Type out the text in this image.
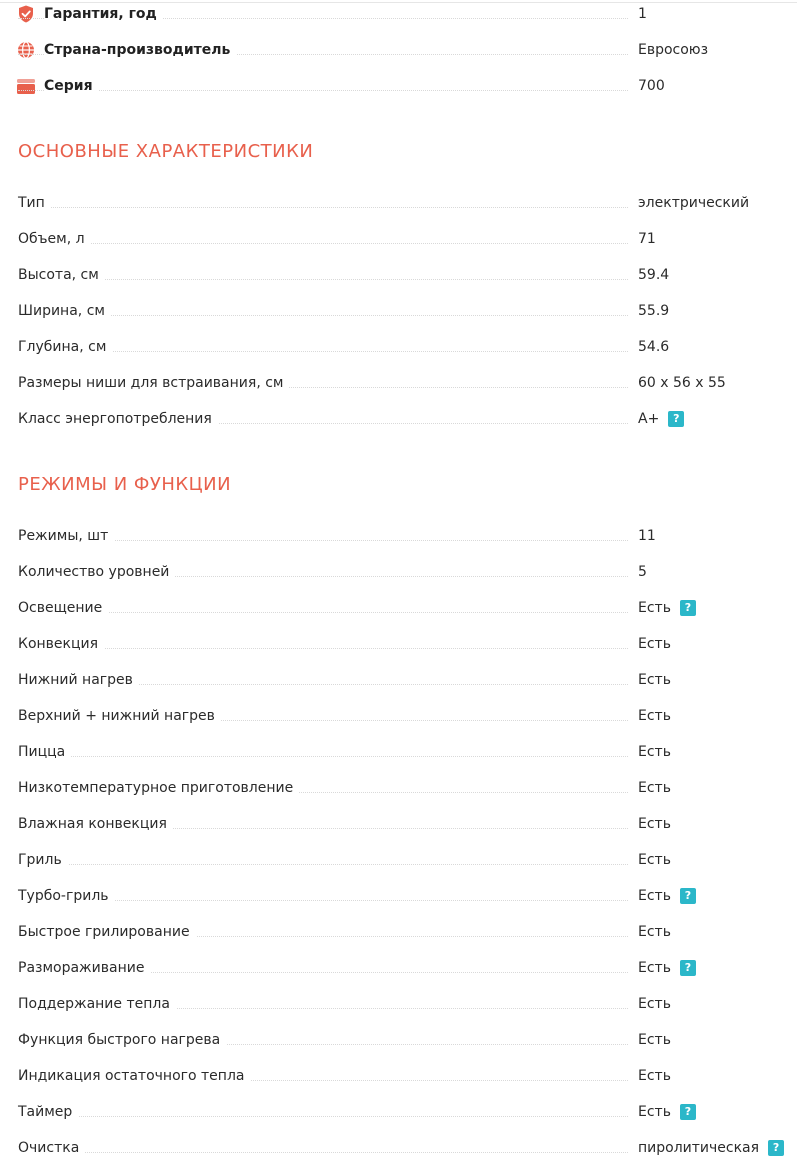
Гарантия, год	1
Страна-производитель	Евросоюз
Серия	700
ОСНОВНЫЕ ХАРАКТЕРИСТИКИ
Тип	электрический
Объем, л	71
Высота, см	59.4
Ширина, см	55.9
Глубина, см	54.6
Размеры ниши для встраивания, см	60 x 56 x 55
Класс энергопотребления	A+	?
РЕЖИМЫ И ФУНКЦИИ
Режимы, шт	11
Количество уровней	5
Освещение	Есть	?
Конвекция	Есть
Нижний нагрев	Есть
Верхний + нижний нагрев	Есть
Пицца	Есть
Низкотемпературное приготовление	Есть
Влажная конвекция	Есть
Гриль	Есть
Турбо-гриль	Есть	?
Быстрое грилирование	Есть
Размораживание	Есть	?
Поддержание тепла	Есть
Функция быстрого нагрева	Есть
Индикация остаточного тепла	Есть
Таймер	Есть	?
Очистка	пиролитическая	?
